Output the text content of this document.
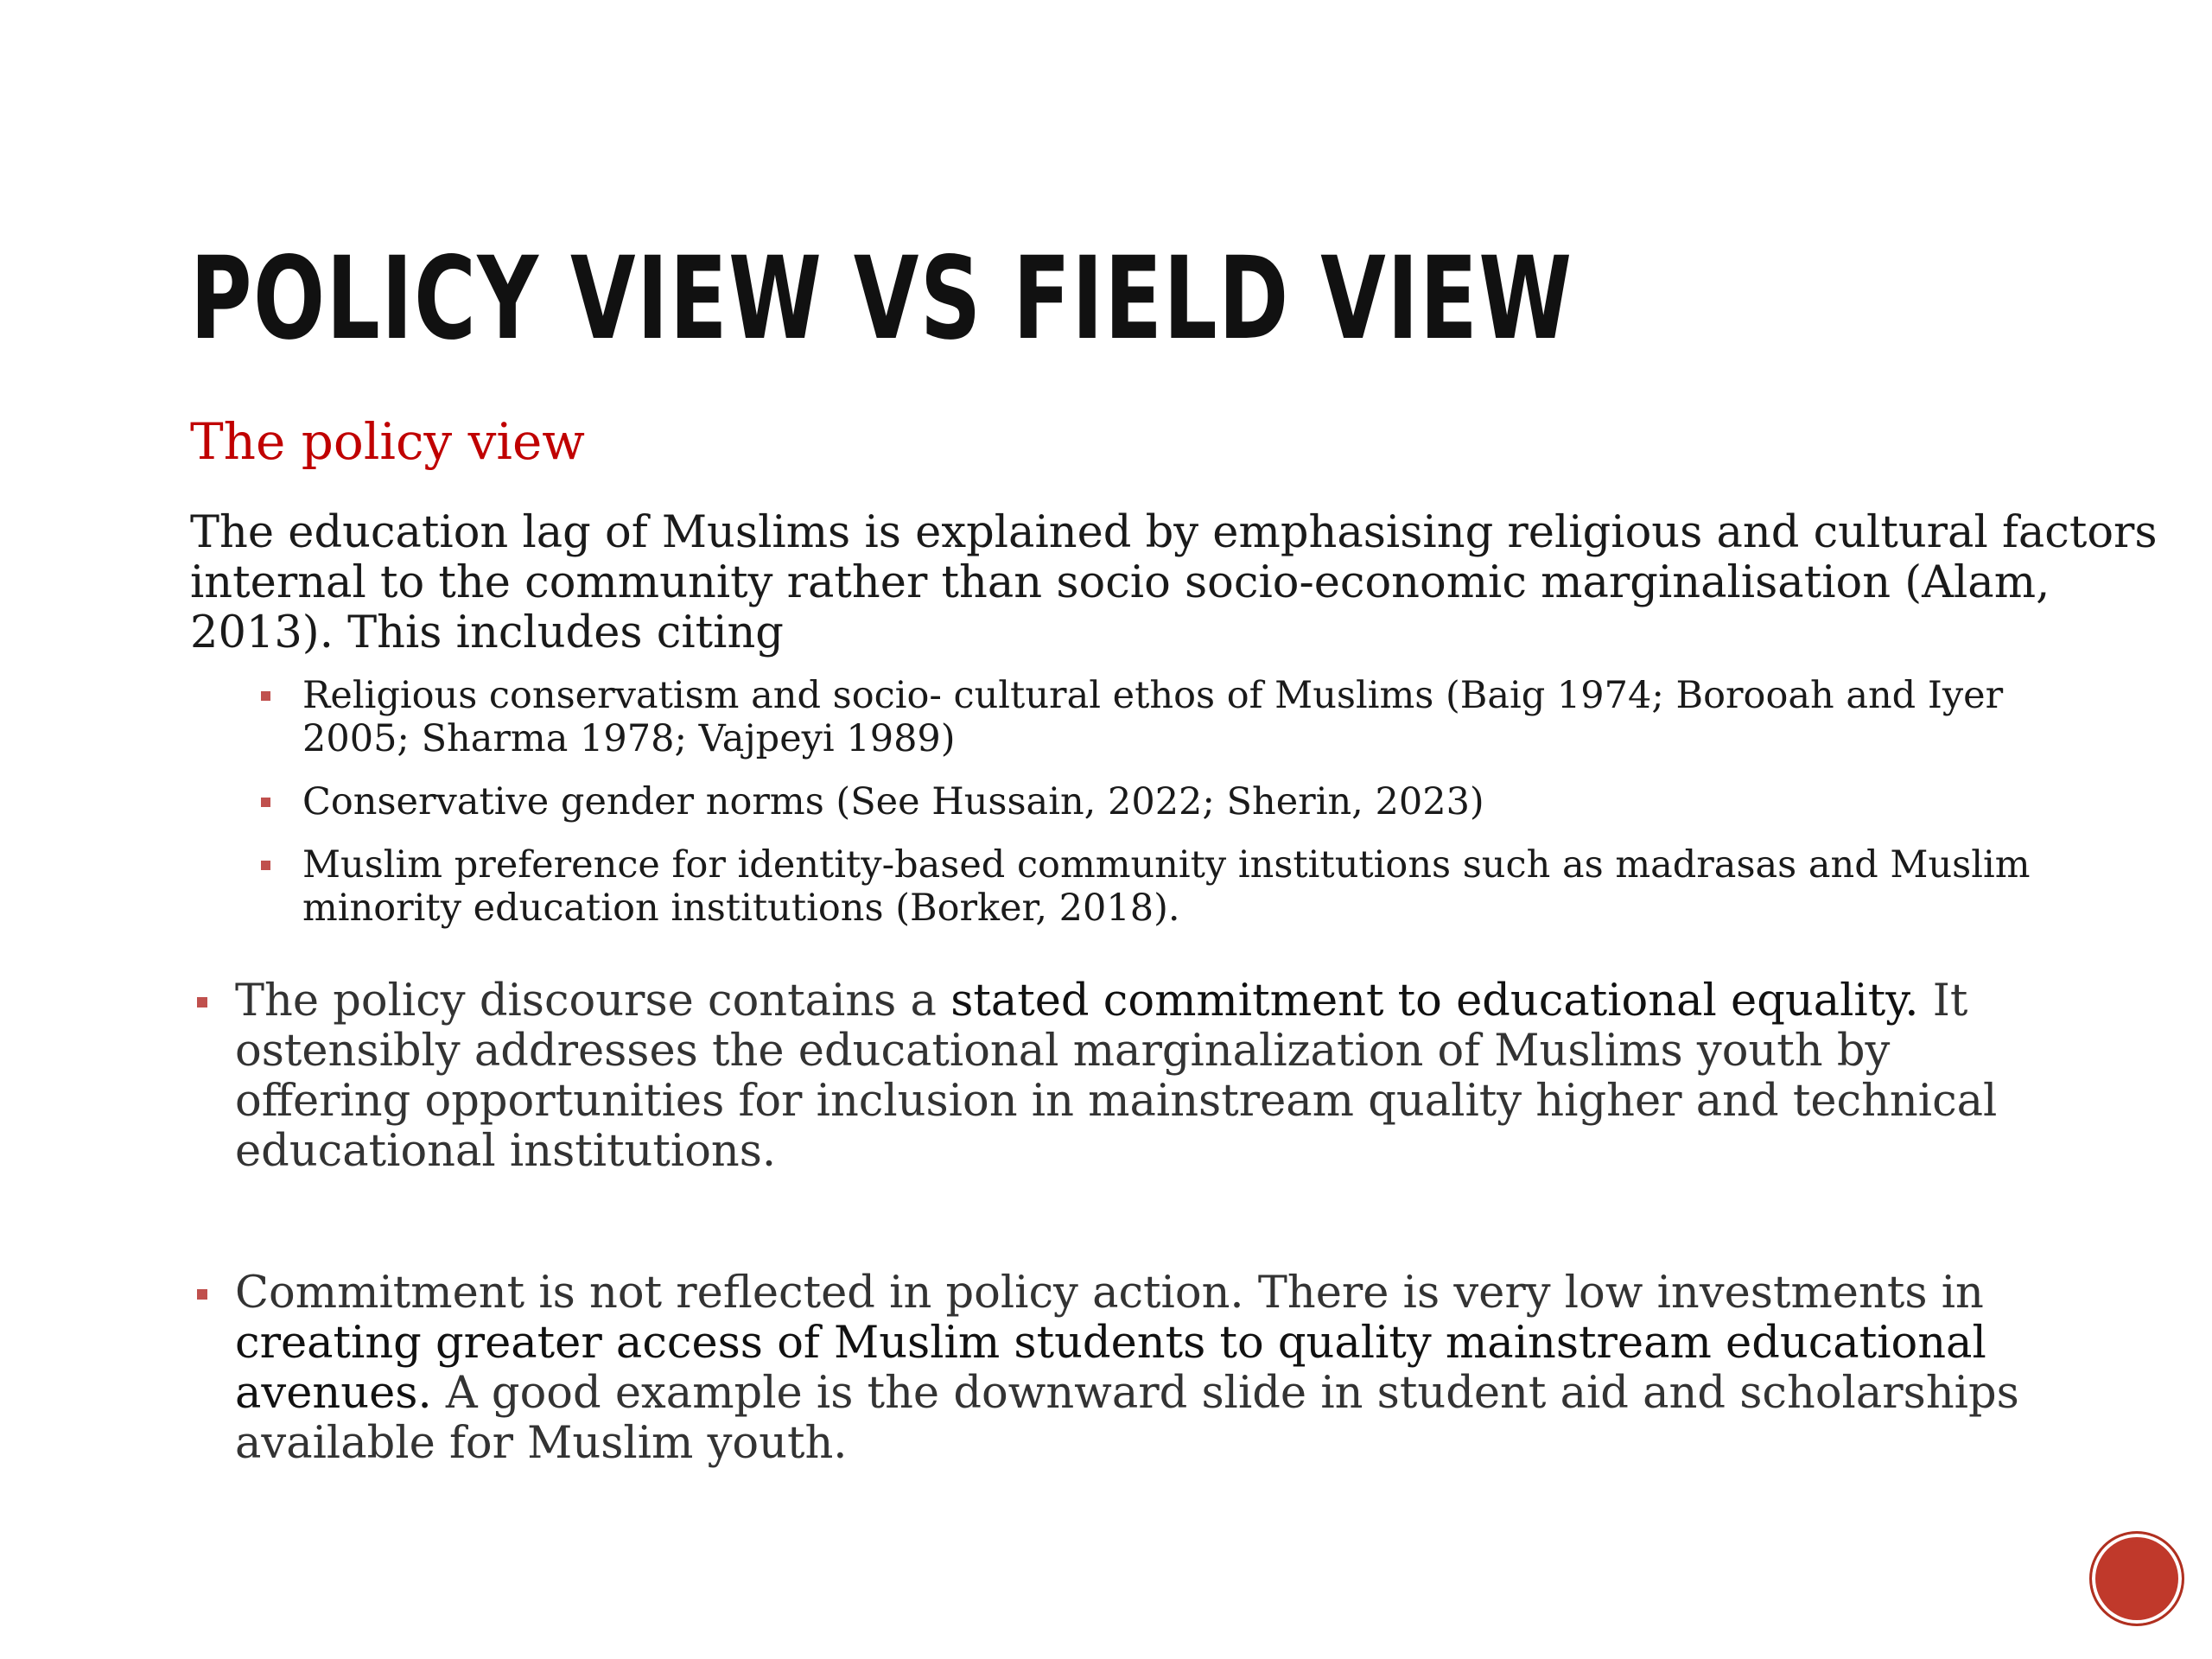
POLICY VIEW VS FIELD VIEW
The policy view

The education lag of Muslims is explained by emphasising religious and cultural factors internal to the community rather than socio socio-economic marginalisation (Alam, 2013). This includes citing

Religious conservatism and socio- cultural ethos of Muslims (Baig 1974; Borooah and Iyer 2005; Sharma 1978; Vajpeyi 1989)
Conservative gender norms (See Hussain, 2022; Sherin, 2023)
Muslim preference for identity-based community institutions such as madrasas and Muslim minority education institutions (Borker, 2018).
The policy discourse contains a stated commitment to educational equality. It ostensibly addresses the educational marginalization of Muslims youth by offering opportunities for inclusion in mainstream quality higher and technical educational institutions.
Commitment is not reflected in policy action. There is very low investments in creating greater access of Muslim students to quality mainstream educational avenues. A good example is the downward slide in student aid and scholarships available for Muslim youth.
